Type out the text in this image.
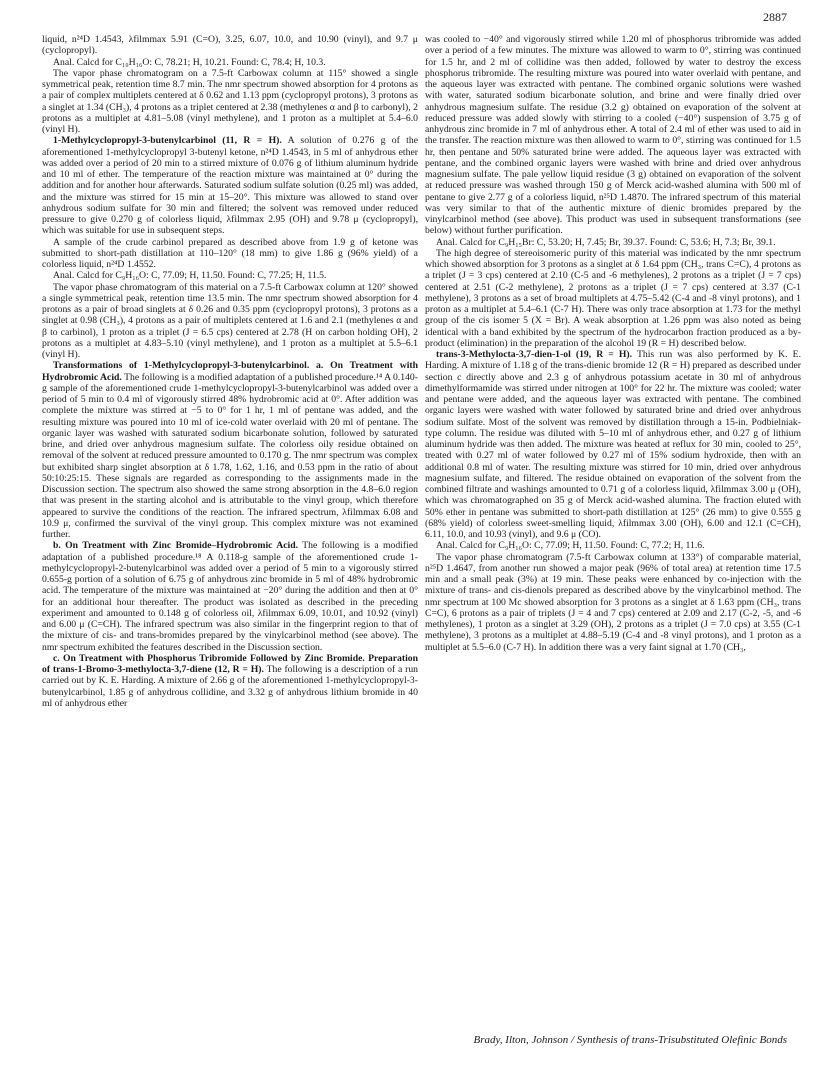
2887

liquid, n²⁴D 1.4543, λfilmmax 5.91 (C=O), 3.25, 6.07, 10.0, and 10.90 (vinyl), and 9.7 μ (cyclopropyl).

Anal. Calcd for C₁₀H₁₆O: C, 78.21; H, 10.21. Found: C, 78.4; H, 10.3.

The vapor phase chromatogram on a 7.5-ft Carbowax column at 115° showed a single symmetrical peak, retention time 8.7 min. The nmr spectrum showed absorption for 4 protons as a pair of complex multiplets centered at δ 0.62 and 1.13 ppm (cyclopropyl protons), 3 protons as a singlet at 1.34 (CH₃), 4 protons as a triplet centered at 2.38 (methylenes α and β to carbonyl), 2 protons as a multiplet at 4.81–5.08 (vinyl methylene), and 1 proton as a multiplet at 5.4–6.0 (vinyl H).

1-Methylcyclopropyl-3-butenylcarbinol (11, R = H). A solution of 0.276 g of the aforementioned 1-methylcyclopropyl 3-butenyl ketone, n²⁴D 1.4543, in 5 ml of anhydrous ether was added over a period of 20 min to a stirred mixture of 0.076 g of lithium aluminum hydride and 10 ml of ether. The temperature of the reaction mixture was maintained at 0° during the addition and for another hour afterwards. Saturated sodium sulfate solution (0.25 ml) was added, and the mixture was stirred for 15 min at 15–20°. This mixture was allowed to stand over anhydrous sodium sulfate for 30 min and filtered; the solvent was removed under reduced pressure to give 0.270 g of colorless liquid, λfilmmax 2.95 (OH) and 9.78 μ (cyclopropyl), which was suitable for use in subsequent steps.

A sample of the crude carbinol prepared as described above from 1.9 g of ketone was submitted to short-path distillation at 110–120° (18 mm) to give 1.86 g (96% yield) of a colorless liquid, n²⁴D 1.4552.

Anal. Calcd for C₉H₁₆O: C, 77.09; H, 11.50. Found: C, 77.25; H, 11.5.

The vapor phase chromatogram of this material on a 7.5-ft Carbowax column at 120° showed a single symmetrical peak, retention time 13.5 min. The nmr spectrum showed absorption for 4 protons as a pair of broad singlets at δ 0.26 and 0.35 ppm (cyclopropyl protons), 3 protons as a singlet at 0.98 (CH₃), 4 protons as a pair of multiplets centered at 1.6 and 2.1 (methylenes α and β to carbinol), 1 proton as a triplet (J = 6.5 cps) centered at 2.78 (H on carbon holding OH), 2 protons as a multiplet at 4.83–5.10 (vinyl methylene), and 1 proton as a multiplet at 5.5–6.1 (vinyl H).

Transformations of 1-Methylcyclopropyl-3-butenylcarbinol. a. On Treatment with Hydrobromic Acid. The following is a modified adaptation of a published procedure.¹⁴ A 0.140-g sample of the aforementioned crude 1-methylcyclopropyl-3-butenylcarbinol was added over a period of 5 min to 0.4 ml of vigorously stirred 48% hydrobromic acid at 0°. After addition was complete the mixture was stirred at −5 to 0° for 1 hr, 1 ml of pentane was added, and the resulting mixture was poured into 10 ml of ice-cold water overlaid with 20 ml of pentane. The organic layer was washed with saturated sodium bicarbonate solution, followed by saturated brine, and dried over anhydrous magnesium sulfate. The colorless oily residue obtained on removal of the solvent at reduced pressure amounted to 0.170 g. The nmr spectrum was complex but exhibited sharp singlet absorption at δ 1.78, 1.62, 1.16, and 0.53 ppm in the ratio of about 50:10:25:15. These signals are regarded as corresponding to the assignments made in the Discussion section. The spectrum also showed the same strong absorption in the 4.8–6.0 region that was present in the starting alcohol and is attributable to the vinyl group, which therefore appeared to survive the conditions of the reaction. The infrared spectrum, λfilmmax 6.08 and 10.9 μ, confirmed the survival of the vinyl group. This complex mixture was not examined further.

b. On Treatment with Zinc Bromide–Hydrobromic Acid. The following is a modified adaptation of a published procedure.¹⁸ A 0.118-g sample of the aforementioned crude 1-methylcyclopropyl-2-butenylcarbinol was added over a period of 5 min to a vigorously stirred 0.655-g portion of a solution of 6.75 g of anhydrous zinc bromide in 5 ml of 48% hydrobromic acid. The temperature of the mixture was maintained at −20° during the addition and then at 0° for an additional hour thereafter. The product was isolated as described in the preceding experiment and amounted to 0.148 g of colorless oil, λfilmmax 6.09, 10.01, and 10.92 (vinyl) and 6.00 μ (C=CH). The infrared spectrum was also similar in the fingerprint region to that of the mixture of cis- and trans-bromides prepared by the vinylcarbinol method (see above). The nmr spectrum exhibited the features described in the Discussion section.

c. On Treatment with Phosphorus Tribromide Followed by Zinc Bromide. Preparation of trans-1-Bromo-3-methylocta-3,7-diene (12, R = H). The following is a description of a run carried out by K. E. Harding. A mixture of 2.66 g of the aforementioned 1-methylcyclopropyl-3-butenylcarbinol, 1.85 g of anhydrous collidine, and 3.32 g of anhydrous lithium bromide in 40 ml of anhydrous ether

was cooled to −40° and vigorously stirred while 1.20 ml of phosphorus tribromide was added over a period of a few minutes. The mixture was allowed to warm to 0°, stirring was continued for 1.5 hr, and 2 ml of collidine was then added, followed by water to destroy the excess phosphorus tribromide. The resulting mixture was poured into water overlaid with pentane, and the aqueous layer was extracted with pentane. The combined organic solutions were washed with water, saturated sodium bicarbonate solution, and brine and were finally dried over anhydrous magnesium sulfate. The residue (3.2 g) obtained on evaporation of the solvent at reduced pressure was added slowly with stirring to a cooled (−40°) suspension of 3.75 g of anhydrous zinc bromide in 7 ml of anhydrous ether. A total of 2.4 ml of ether was used to aid in the transfer. The reaction mixture was then allowed to warm to 0°, stirring was continued for 1.5 hr, then pentane and 50% saturated brine were added. The aqueous layer was extracted with pentane, and the combined organic layers were washed with brine and dried over anhydrous magnesium sulfate. The pale yellow liquid residue (3 g) obtained on evaporation of the solvent at reduced pressure was washed through 150 g of Merck acid-washed alumina with 500 ml of pentane to give 2.77 g of a colorless liquid, n²⁵D 1.4870. The infrared spectrum of this material was very similar to that of the authentic mixture of dienic bromides prepared by the vinylcarbinol method (see above). This product was used in subsequent transformations (see below) without further purification.

Anal. Calcd for C₉H₁₅Br: C, 53.20; H, 7.45; Br, 39.37. Found: C, 53.6; H, 7.3; Br, 39.1.

The high degree of stereoisomeric purity of this material was indicated by the nmr spectrum which showed absorption for 3 protons as a singlet at δ 1.64 ppm (CH₃, trans C=C), 4 protons as a triplet (J = 3 cps) centered at 2.10 (C-5 and -6 methylenes), 2 protons as a triplet (J = 7 cps) centered at 2.51 (C-2 methylene), 2 protons as a triplet (J = 7 cps) centered at 3.37 (C-1 methylene), 3 protons as a set of broad multiplets at 4.75–5.42 (C-4 and -8 vinyl protons), and 1 proton as a multiplet at 5.4–6.1 (C-7 H). There was only trace absorption at 1.73 for the methyl group of the cis isomer 5 (X = Br). A weak absorption at 1.26 ppm was also noted as being identical with a band exhibited by the spectrum of the hydrocarbon fraction produced as a by-product (elimination) in the preparation of the alcohol 19 (R = H) described below.

trans-3-Methylocta-3,7-dien-1-ol (19, R = H). This run was also performed by K. E. Harding. A mixture of 1.18 g of the trans-dienic bromide 12 (R = H) prepared as described under section c directly above and 2.3 g of anhydrous potassium acetate in 30 ml of anhydrous dimethylformamide was stirred under nitrogen at 100° for 22 hr. The mixture was cooled; water and pentane were added, and the aqueous layer was extracted with pentane. The combined organic layers were washed with water followed by saturated brine and dried over anhydrous sodium sulfate. Most of the solvent was removed by distillation through a 15-in. Podbielniak-type column. The residue was diluted with 5–10 ml of anhydrous ether, and 0.27 g of lithium aluminum hydride was then added. The mixture was heated at reflux for 30 min, cooled to 25°, treated with 0.27 ml of water followed by 0.27 ml of 15% sodium hydroxide, then with an additional 0.8 ml of water. The resulting mixture was stirred for 10 min, dried over anhydrous magnesium sulfate, and filtered. The residue obtained on evaporation of the solvent from the combined filtrate and washings amounted to 0.71 g of a colorless liquid, λfilmmax 3.00 μ (OH), which was chromatographed on 35 g of Merck acid-washed alumina. The fraction eluted with 50% ether in pentane was submitted to short-path distillation at 125° (26 mm) to give 0.555 g (68% yield) of colorless sweet-smelling liquid, λfilmmax 3.00 (OH), 6.00 and 12.1 (C=CH), 6.11, 10.0, and 10.93 (vinyl), and 9.6 μ (CO).

Anal. Calcd for C₉H₁₆O: C, 77.09; H, 11.50. Found: C, 77.2; H, 11.6.

The vapor phase chromatogram (7.5-ft Carbowax column at 133°) of comparable material, n²⁵D 1.4647, from another run showed a major peak (96% of total area) at retention time 17.5 min and a small peak (3%) at 19 min. These peaks were enhanced by co-injection with the mixture of trans- and cis-dienols prepared as described above by the vinylcarbinol method. The nmr spectrum at 100 Mc showed absorption for 3 protons as a singlet at δ 1.63 ppm (CH₃, trans C=C), 6 protons as a pair of triplets (J = 4 and 7 cps) centered at 2.09 and 2.17 (C-2, -5, and -6 methylenes), 1 proton as a singlet at 3.29 (OH), 2 protons as a triplet (J = 7.0 cps) at 3.55 (C-1 methylene), 3 protons as a multiplet at 4.88–5.19 (C-4 and -8 vinyl protons), and 1 proton as a multiplet at 5.5–6.0 (C-7 H). In addition there was a very faint signal at 1.70 (CH₃,

Brady, Ilton, Johnson / Synthesis of trans-Trisubstituted Olefinic Bonds
